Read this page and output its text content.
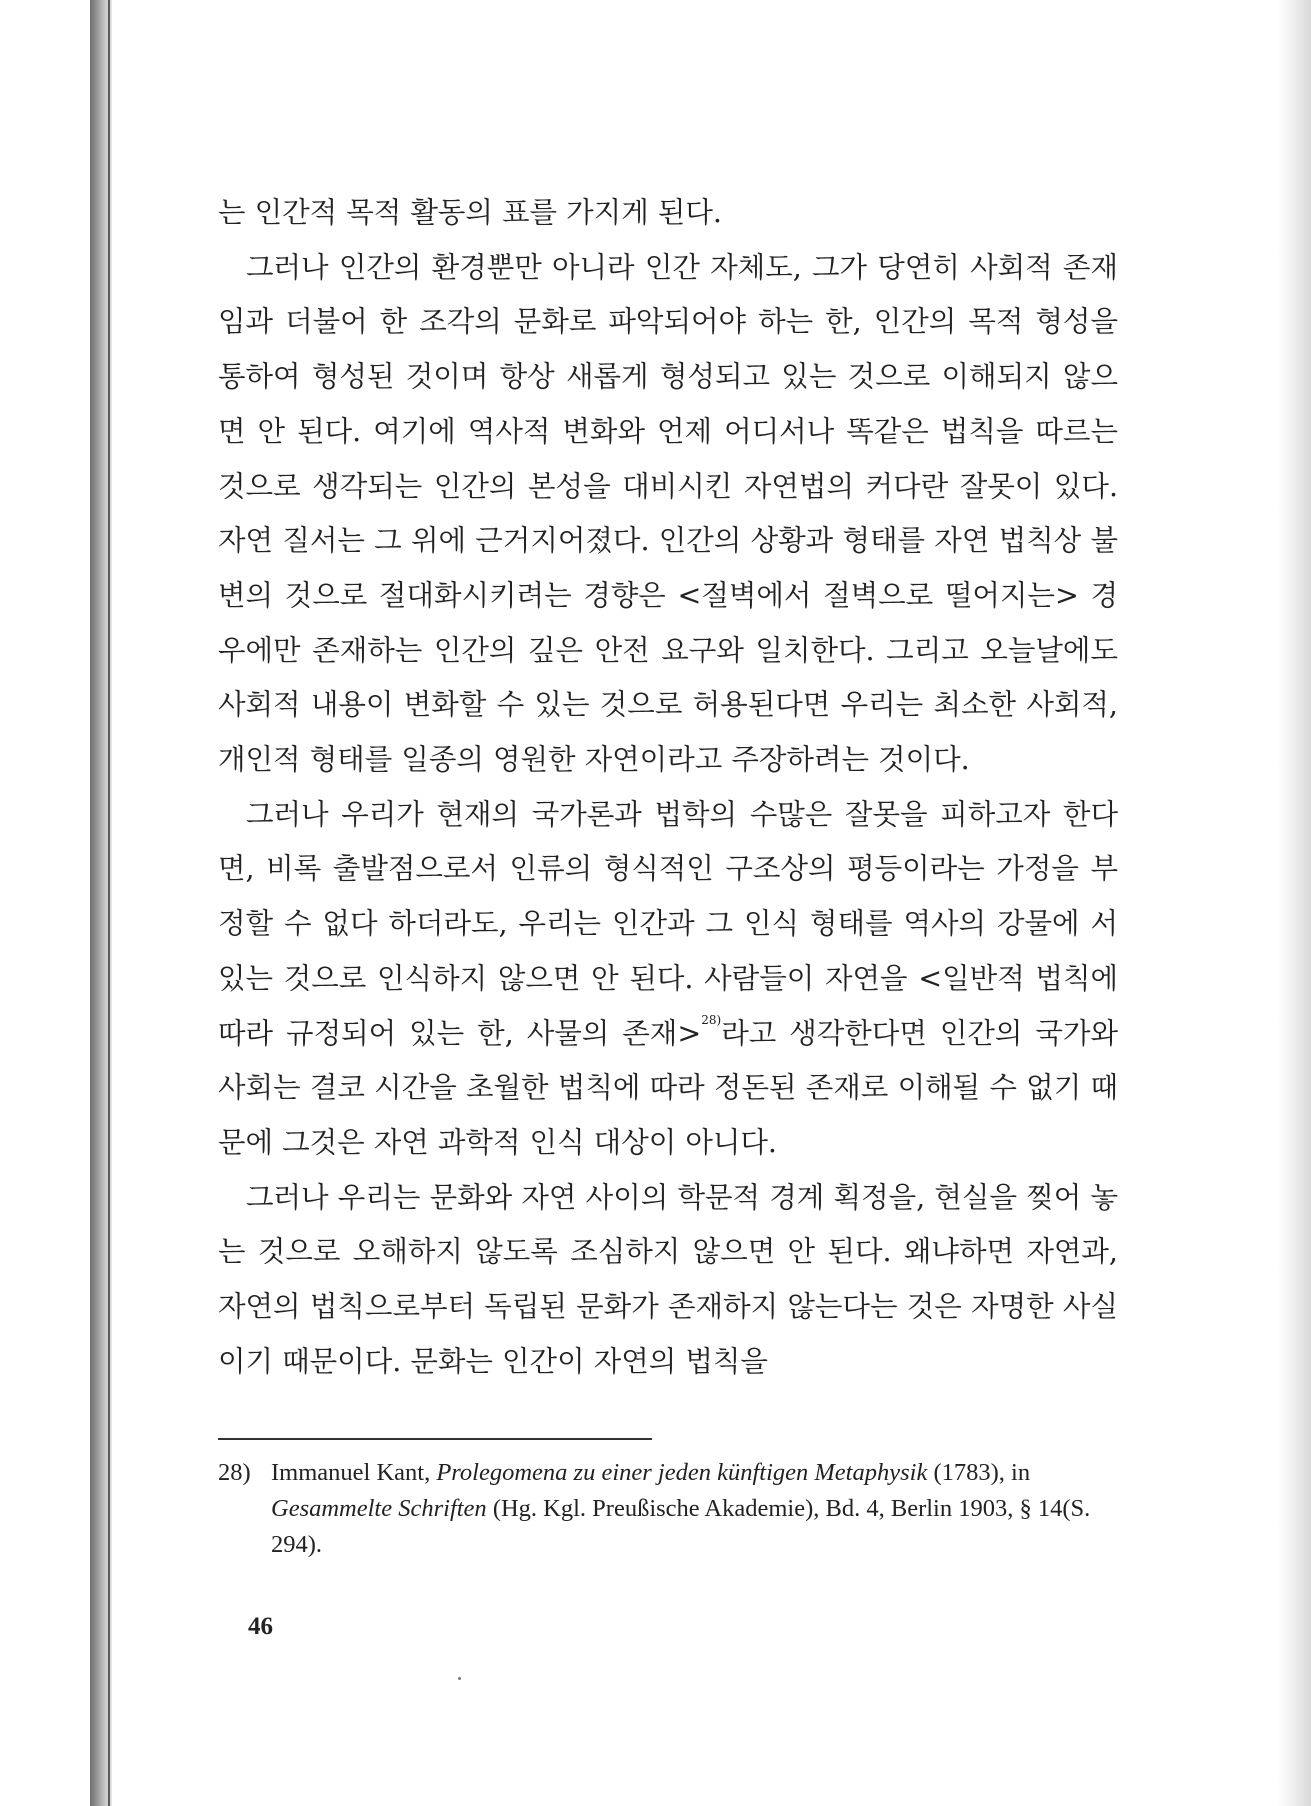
는 인간적 목적 활동의 표를 가지게 된다.

그러나 인간의 환경뿐만 아니라 인간 자체도, 그가 당연히 사회적 존재임과 더불어 한 조각의 문화로 파악되어야 하는 한, 인간의 목적 형성을 통하여 형성된 것이며 항상 새롭게 형성되고 있는 것으로 이해되지 않으면 안 된다. 여기에 역사적 변화와 언제 어디서나 똑같은 법칙을 따르는 것으로 생각되는 인간의 본성을 대비시킨 자연법의 커다란 잘못이 있다. 자연 질서는 그 위에 근거지어졌다. 인간의 상황과 형태를 자연 법칙상 불변의 것으로 절대화시키려는 경향은 <절벽에서 절벽으로 떨어지는> 경우에만 존재하는 인간의 깊은 안전 요구와 일치한다. 그리고 오늘날에도 사회적 내용이 변화할 수 있는 것으로 허용된다면 우리는 최소한 사회적, 개인적 형태를 일종의 영원한 자연이라고 주장하려는 것이다.

그러나 우리가 현재의 국가론과 법학의 수많은 잘못을 피하고자 한다면, 비록 출발점으로서 인류의 형식적인 구조상의 평등이라는 가정을 부정할 수 없다 하더라도, 우리는 인간과 그 인식 형태를 역사의 강물에 서 있는 것으로 인식하지 않으면 안 된다. 사람들이 자연을 <일반적 법칙에 따라 규정되어 있는 한, 사물의 존재>$^{28)}$라고 생각한다면 인간의 국가와 사회는 결코 시간을 초월한 법칙에 따라 정돈된 존재로 이해될 수 없기 때문에 그것은 자연 과학적 인식 대상이 아니다.

그러나 우리는 문화와 자연 사이의 학문적 경계 획정을, 현실을 찢어 놓는 것으로 오해하지 않도록 조심하지 않으면 안 된다. 왜냐하면 자연과, 자연의 법칙으로부터 독립된 문화가 존재하지 않는다는 것은 자명한 사실이기 때문이다. 문화는 인간이 자연의 법칙을

28) Immanuel Kant, Prolegomena zu einer jeden künftigen Metaphysik (1783), in Gesammelte Schriften (Hg. Kgl. Preußische Akademie), Bd. 4, Berlin 1903, § 14(S. 294).
46
